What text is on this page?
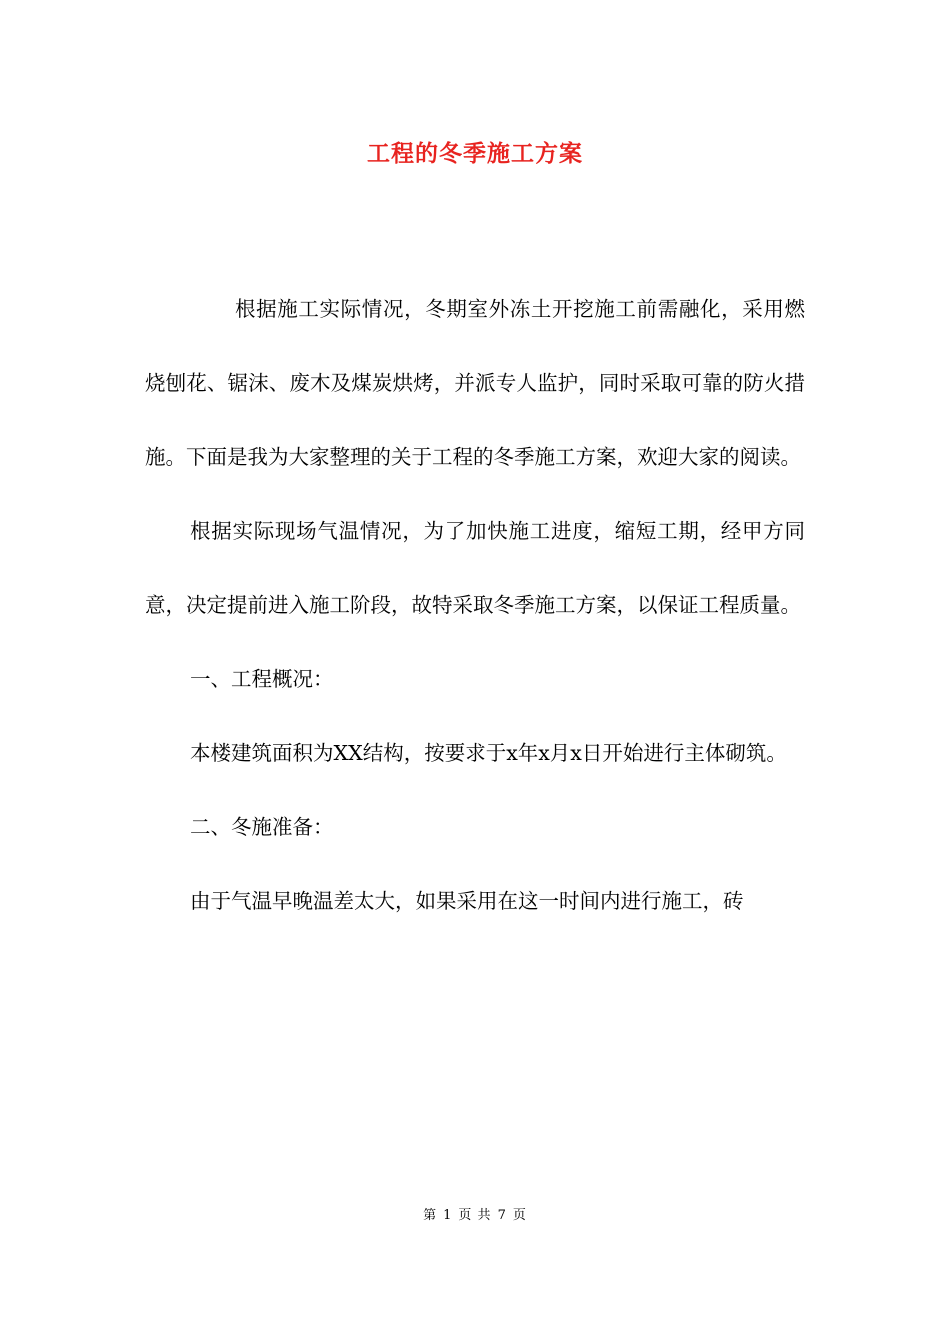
工程的冬季施工方案

根据施工实际情况，冬期室外冻土开挖施工前需融化，采用燃烧刨花、锯沫、废木及煤炭烘烤，并派专人监护，同时采取可靠的防火措施。下面是我为大家整理的关于工程的冬季施工方案，欢迎大家的阅读。

根据实际现场气温情况，为了加快施工进度，缩短工期，经甲方同意，决定提前进入施工阶段，故特采取冬季施工方案，以保证工程质量。

一、工程概况：

本楼建筑面积为XX结构，按要求于x年x月x日开始进行主体砌筑。

二、冬施准备：

由于气温早晚温差太大，如果采用在这一时间内进行施工，砖

第 1 页 共 7 页
